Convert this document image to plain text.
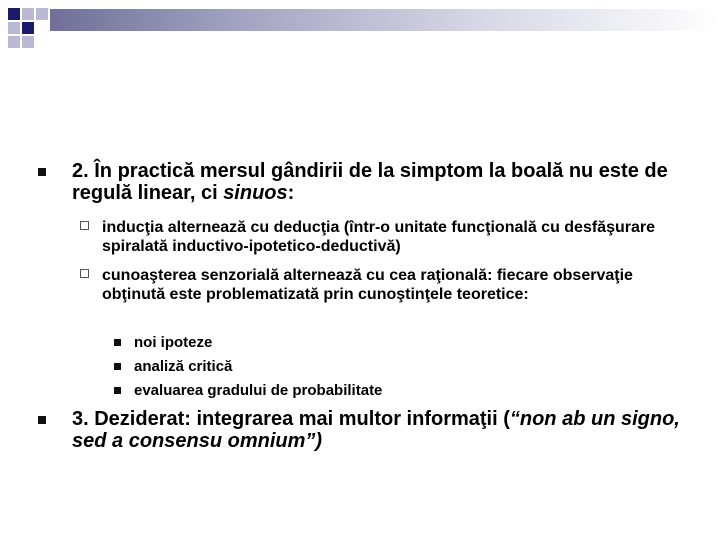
2. În practică mersul gândirii de la simptom la boală nu este de regulă linear, ci sinuos:
inducţia alternează cu deducţia (într-o unitate funcţională cu desfăşurare spiralată inductivo-ipotetico-deductivă)
cunoaşterea senzorială alternează cu cea raţională: fiecare observaţie obţinută este problematizată prin cunoştinţele teoretice:
noi ipoteze
analiză critică
evaluarea gradului de probabilitate
3. Deziderat: integrarea mai multor informaţii (“non ab un signo, sed a consensu omnium”)
